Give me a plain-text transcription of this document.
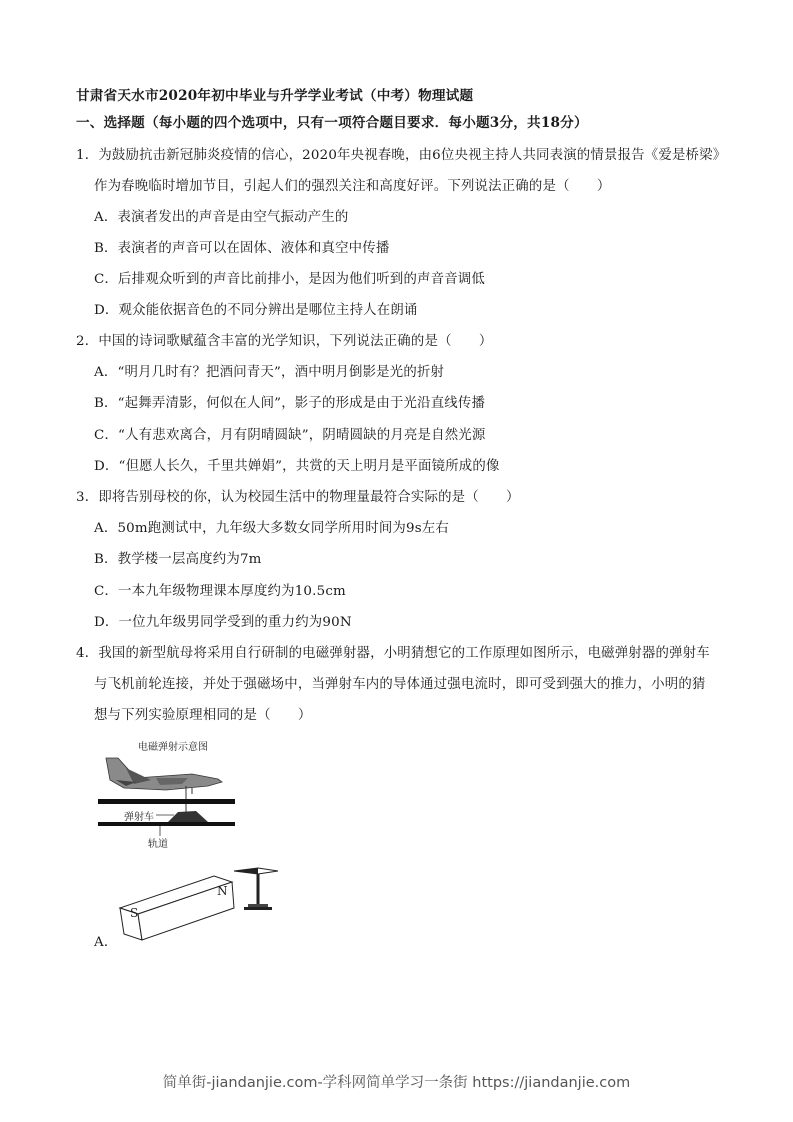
甘肃省天水市2020年初中毕业与升学学业考试（中考）物理试题
一、选择题（每小题的四个选项中，只有一项符合题目要求．每小题3分，共18分）
1．为鼓励抗击新冠肺炎疫情的信心，2020年央视春晚，由6位央视主持人共同表演的情景报告《爱是桥梁》
作为春晚临时增加节目，引起人们的强烈关注和高度好评。下列说法正确的是（　　）
A．表演者发出的声音是由空气振动产生的
B．表演者的声音可以在固体、液体和真空中传播
C．后排观众听到的声音比前排小，是因为他们听到的声音音调低
D．观众能依据音色的不同分辨出是哪位主持人在朗诵
2．中国的诗词歌赋蕴含丰富的光学知识，下列说法正确的是（　　）
A．“明月几时有？把酒问青天”，酒中明月倒影是光的折射
B．“起舞弄清影，何似在人间”，影子的形成是由于光沿直线传播
C．“人有悲欢离合，月有阴晴圆缺”，阴晴圆缺的月亮是自然光源
D．“但愿人长久，千里共婵娟”，共赏的天上明月是平面镜所成的像
3．即将告别母校的你，认为校园生活中的物理量最符合实际的是（　　）
A．50m跑测试中，九年级大多数女同学所用时间为9s左右
B．教学楼一层高度约为7m
C．一本九年级物理课本厚度约为10.5cm
D．一位九年级男同学受到的重力约为90N
4．我国的新型航母将采用自行研制的电磁弹射器，小明猜想它的工作原理如图所示，电磁弹射器的弹射车
与飞机前轮连接，并处于强磁场中，当弹射车内的导体通过强电流时，即可受到强大的推力，小明的猜
想与下列实验原理相同的是（　　）
电磁弹射示意图
弹射车
轨道
S
N
A．
简单街-jiandanjie.com-学科网简单学习一条街 https://jiandanjie.com
